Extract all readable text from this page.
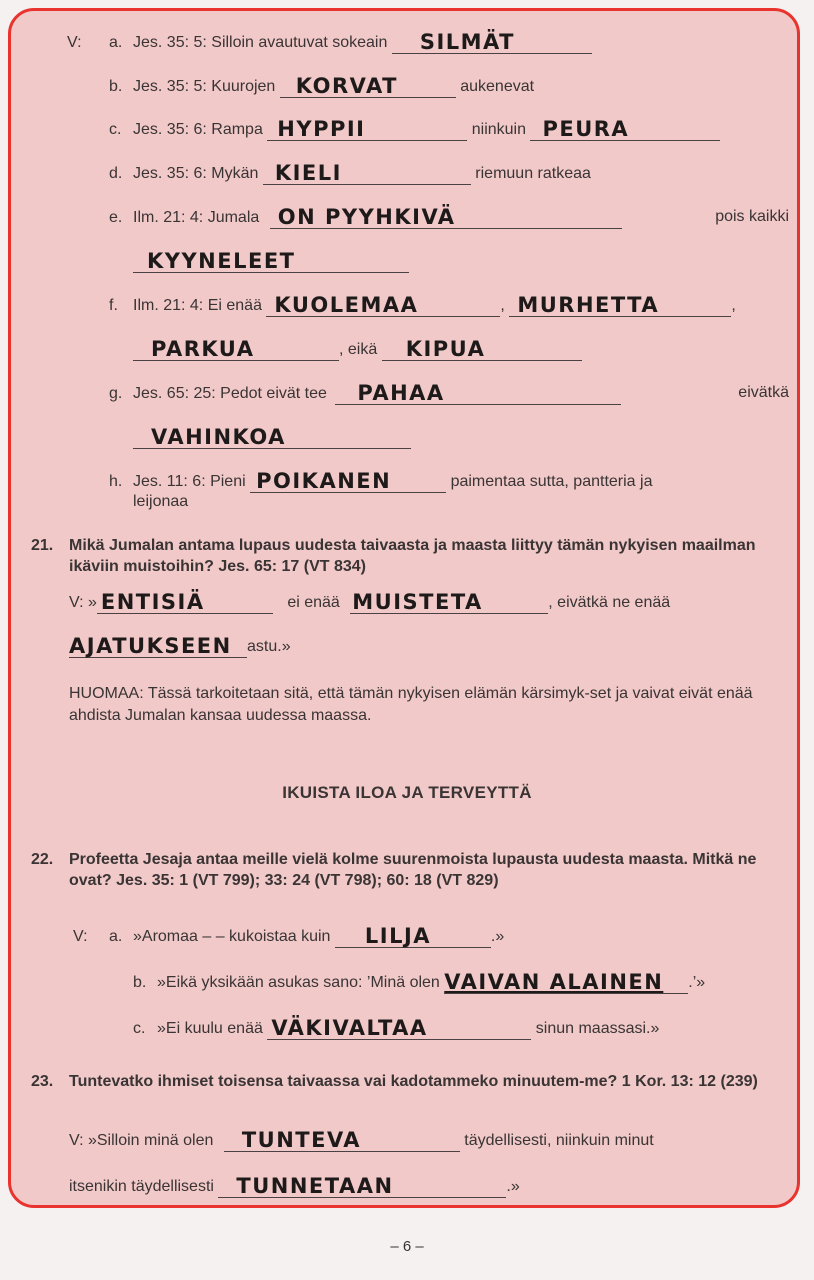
V: a. Jes. 35: 5: Silloin avautuvat sokeain SILMÄT
b. Jes. 35: 5: Kuurojen KORVAT	aukenevat
c. Jes. 35: 6: Rampa HYPPII	niinkuin PEURA
d. Jes. 35: 6: Mykän KIELI	riemuun ratkeaa
e. Ilm. 21: 4: Jumala ON PYYHKIVÄ	pois kaikki
KYYNELEET
f. Ilm. 21: 4: Ei enää KUOLEMAA	, MURHETTA	,
PARKUA	, eikä KIPUA
g. Jes. 65: 25: Pedot eivät tee PAHAA	eivätkä
VAHINKOA
h. Jes. 11: 6: Pieni POIKANEN	paimentaa sutta, pantteria ja
leijonaa
21. Mikä Jumalan antama lupaus uudesta taivaasta ja maasta liittyy tämän nykyisen maailman ikäviin muistoihin? Jes. 65: 17 (VT 834)
V: » ENTISIÄ	ei enää MUISTETA	, eivätkä ne enää
AJATUKSEEN astu.»
HUOMAA: Tässä tarkoitetaan sitä, että tämän nykyisen elämän kärsimyk-set ja vaivat eivät enää ahdista Jumalan kansaa uudessa maassa.
IKUISTA ILOA JA TERVEYTTÄ
22. Profeetta Jesaja antaa meille vielä kolme suurenmoista lupausta uudesta maasta. Mitkä ne ovat? Jes. 35: 1 (VT 799); 33: 24 (VT 798); 60: 18 (VT 829)
V: a. »Aromaa – – kukoistaa kuin LILJA	.»
b. »Eikä yksikään asukas sano: ’Minä olen VAIVAN ALAINEN .’»
c. »Ei kuulu enää VÄKIVALTAA	sinun maassasi.»
23. Tuntevatko ihmiset toisensa taivaassa vai kadotammeko minuutem-me? 1 Kor. 13: 12 (239)
V: »Silloin minä olen TUNTEVA	täydellisesti, niinkuin minut
itsenikin täydellisesti TUNNETAAN	.»
– 6 –
